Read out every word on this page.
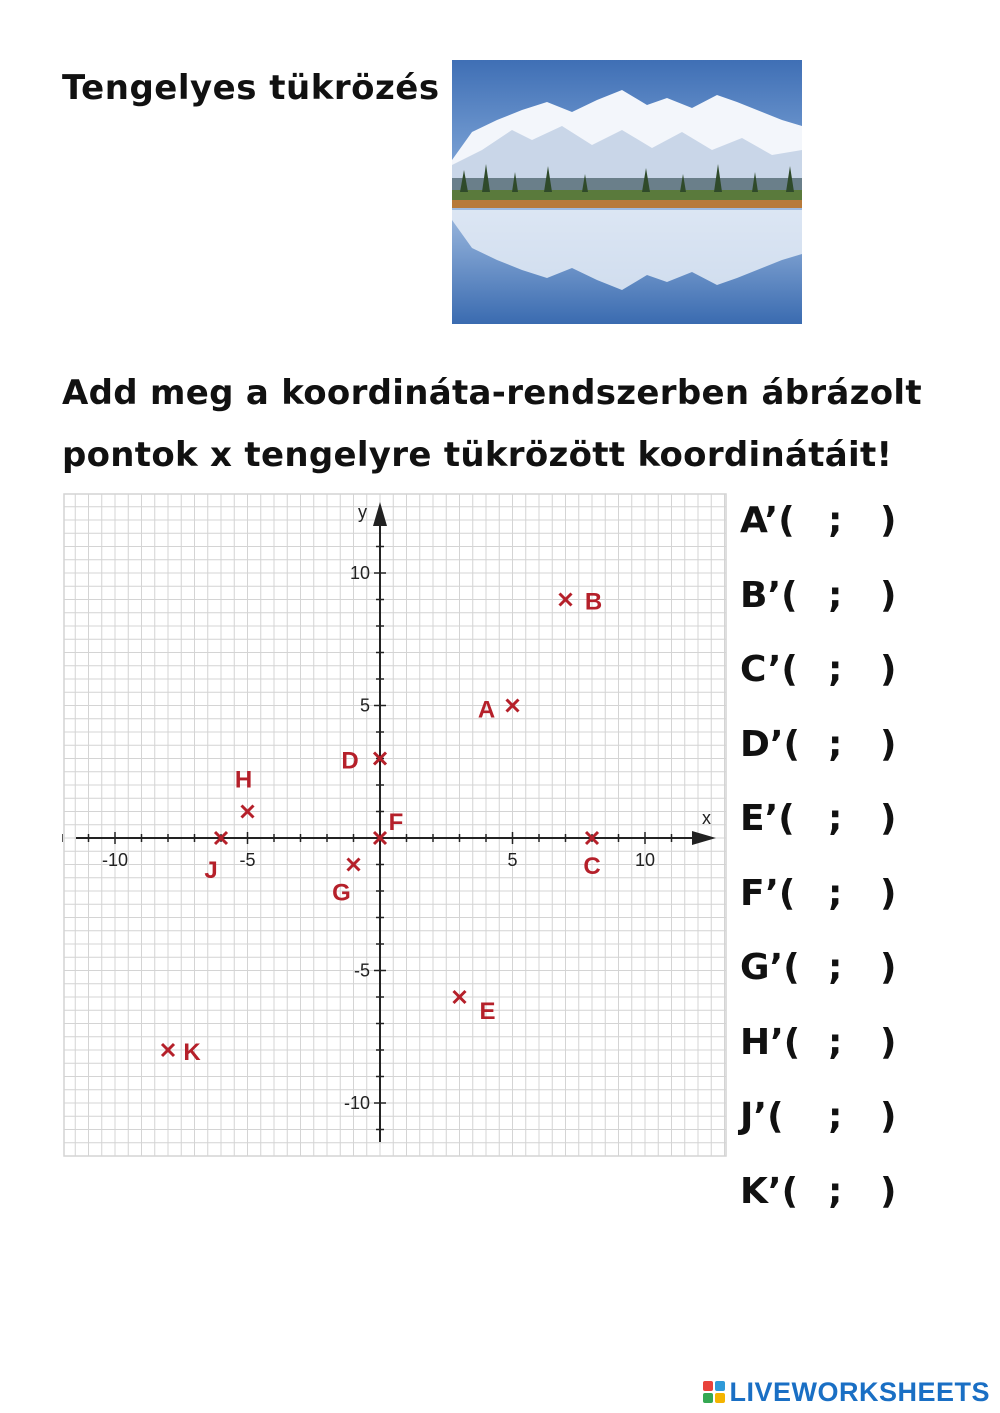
Tengelyes tükrözés
Add meg a koordináta-rendszerben ábrázolt
pontok x tengelyre tükrözött koordinátáit!
x
y
-10	-5	5	10
10
5
-5
-10
A
B
C
D
E
F
G
H
J
K
A’( ; )
B’( ; )
C’( ; )
D’( ; )
E’( ; )
F’( ; )
G’( ; )
H’( ; )
J’( ; )
K’( ; )
LIVEWORKSHEETS
